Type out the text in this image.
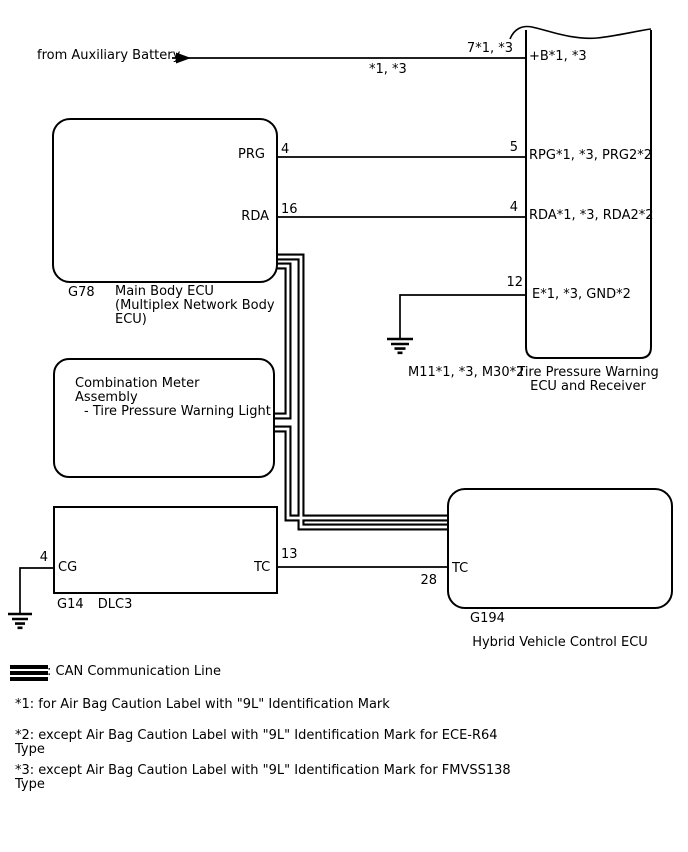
from Auxiliary Battery
*1, *3
4
PRG
16
RDA
G78 Main Body ECU
(Multiplex Network Body
ECU)
Combination Meter
Assembly
- Tire Pressure Warning Light
7*1, *3
+B*1, *3
5
RPG*1, *3, PRG2*2
4
RDA*1, *3, RDA2*2
12
E*1, *3, GND*2
M11*1, *3, M30*2
Tire Pressure Warning
ECU and Receiver
4
CG	TC
13
G14 DLC3
TC
28
G194
Hybrid Vehicle Control ECU
: CAN Communication Line
*1: for Air Bag Caution Label with "9L" Identification Mark
*2: except Air Bag Caution Label with "9L" Identification Mark for ECE-R64
Type
*3: except Air Bag Caution Label with "9L" Identification Mark for FMVSS138
Type
